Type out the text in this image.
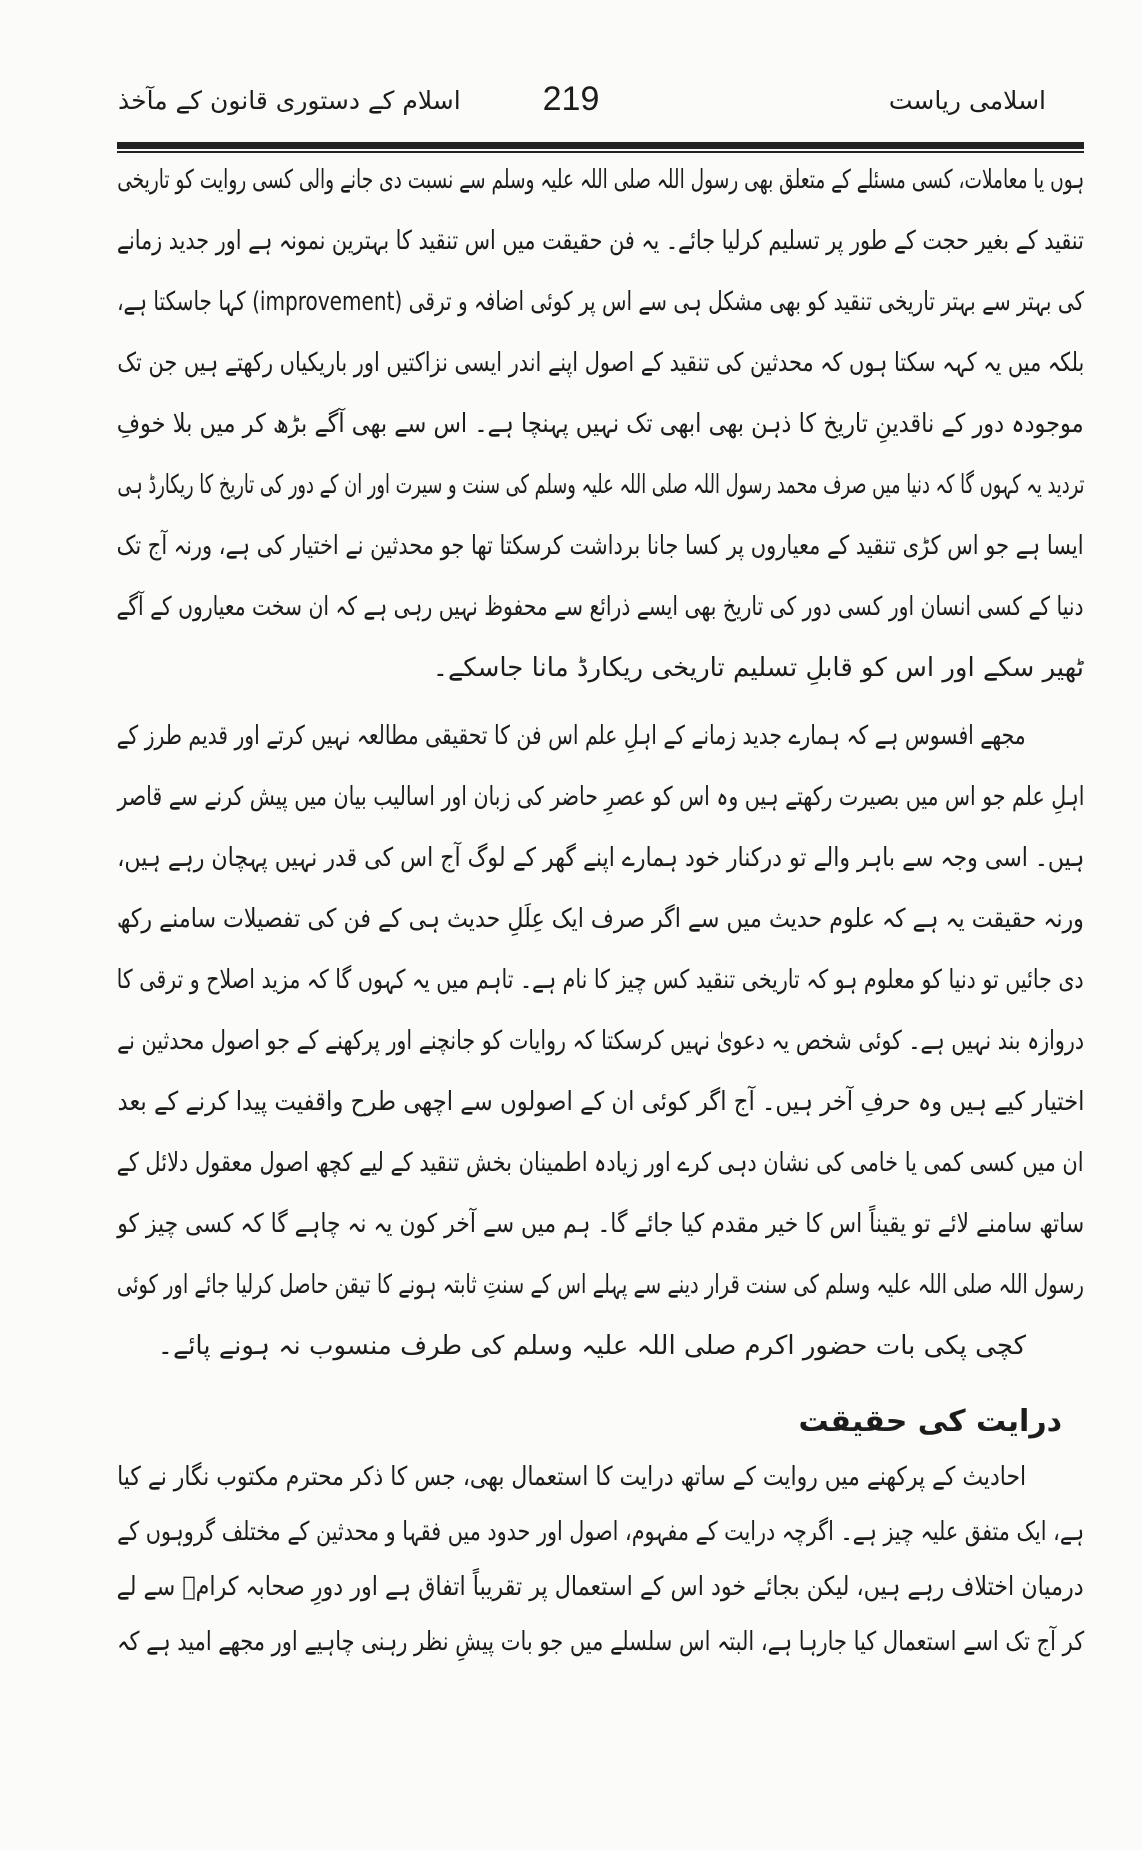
اسلامی ریاست
219
اسلام کے دستوری قانون کے مآخذ
ہوں یا معاملات، کسی مسئلے کے متعلق بھی رسول اللہ صلی اللہ علیہ وسلم سے نسبت دی جانے والی کسی روایت کو تاریخی
تنقید کے بغیر حجت کے طور پر تسلیم کرلیا جائے۔ یہ فن حقیقت میں اس تنقید کا بہترین نمونہ ہے اور جدید زمانے
کی بہتر سے بہتر تاریخی تنقید کو بھی مشکل ہی سے اس پر کوئی اضافہ و ترقی (improvement) کہا جاسکتا ہے،
بلکہ میں یہ کہہ سکتا ہوں کہ محدثین کی تنقید کے اصول اپنے اندر ایسی نزاکتیں اور باریکیاں رکھتے ہیں جن تک
موجودہ دور کے ناقدینِ تاریخ کا ذہن بھی ابھی تک نہیں پہنچا ہے۔ اس سے بھی آگے بڑھ کر میں بلا خوفِ
تردید یہ کہوں گا کہ دنیا میں صرف محمد رسول اللہ صلی اللہ علیہ وسلم کی سنت و سیرت اور ان کے دور کی تاریخ کا ریکارڈ ہی
ایسا ہے جو اس کڑی تنقید کے معیاروں پر کسا جانا برداشت کرسکتا تھا جو محدثین نے اختیار کی ہے، ورنہ آج تک
دنیا کے کسی انسان اور کسی دور کی تاریخ بھی ایسے ذرائع سے محفوظ نہیں رہی ہے کہ ان سخت معیاروں کے آگے
ٹھیر سکے اور اس کو قابلِ تسلیم تاریخی ریکارڈ مانا جاسکے۔
مجھے افسوس ہے کہ ہمارے جدید زمانے کے اہلِ علم اس فن کا تحقیقی مطالعہ نہیں کرتے اور قدیم طرز کے
اہلِ علم جو اس میں بصیرت رکھتے ہیں وہ اس کو عصرِ حاضر کی زبان اور اسالیب بیان میں پیش کرنے سے قاصر
ہیں۔ اسی وجہ سے باہر والے تو درکنار خود ہمارے اپنے گھر کے لوگ آج اس کی قدر نہیں پہچان رہے ہیں،
ورنہ حقیقت یہ ہے کہ علوم حدیث میں سے اگر صرف ایک عِلَلِ حدیث ہی کے فن کی تفصیلات سامنے رکھ
دی جائیں تو دنیا کو معلوم ہو کہ تاریخی تنقید کس چیز کا نام ہے۔ تاہم میں یہ کہوں گا کہ مزید اصلاح و ترقی کا
دروازہ بند نہیں ہے۔ کوئی شخص یہ دعویٰ نہیں کرسکتا کہ روایات کو جانچنے اور پرکھنے کے جو اصول محدثین نے
اختیار کیے ہیں وہ حرفِ آخر ہیں۔ آج اگر کوئی ان کے اصولوں سے اچھی طرح واقفیت پیدا کرنے کے بعد
ان میں کسی کمی یا خامی کی نشان دہی کرے اور زیادہ اطمینان بخش تنقید کے لیے کچھ اصول معقول دلائل کے
ساتھ سامنے لائے تو یقیناً اس کا خیر مقدم کیا جائے گا۔ ہم میں سے آخر کون یہ نہ چاہے گا کہ کسی چیز کو
رسول اللہ صلی اللہ علیہ وسلم کی سنت قرار دینے سے پہلے اس کے سنتِ ثابتہ ہونے کا تیقن حاصل کرلیا جائے اور کوئی
کچی پکی بات حضور اکرم صلی اللہ علیہ وسلم کی طرف منسوب نہ ہونے پائے۔
درایت کی حقیقت
احادیث کے پرکھنے میں روایت کے ساتھ درایت کا استعمال بھی، جس کا ذکر محترم مکتوب نگار نے کیا
ہے، ایک متفق علیہ چیز ہے۔ اگرچہ درایت کے مفہوم، اصول اور حدود میں فقہا و محدثین کے مختلف گروہوں کے
درمیان اختلاف رہے ہیں، لیکن بجائے خود اس کے استعمال پر تقریباً اتفاق ہے اور دورِ صحابہ کرامؓ سے لے
کر آج تک اسے استعمال کیا جارہا ہے، البتہ اس سلسلے میں جو بات پیشِ نظر رہنی چاہیے اور مجھے امید ہے کہ
